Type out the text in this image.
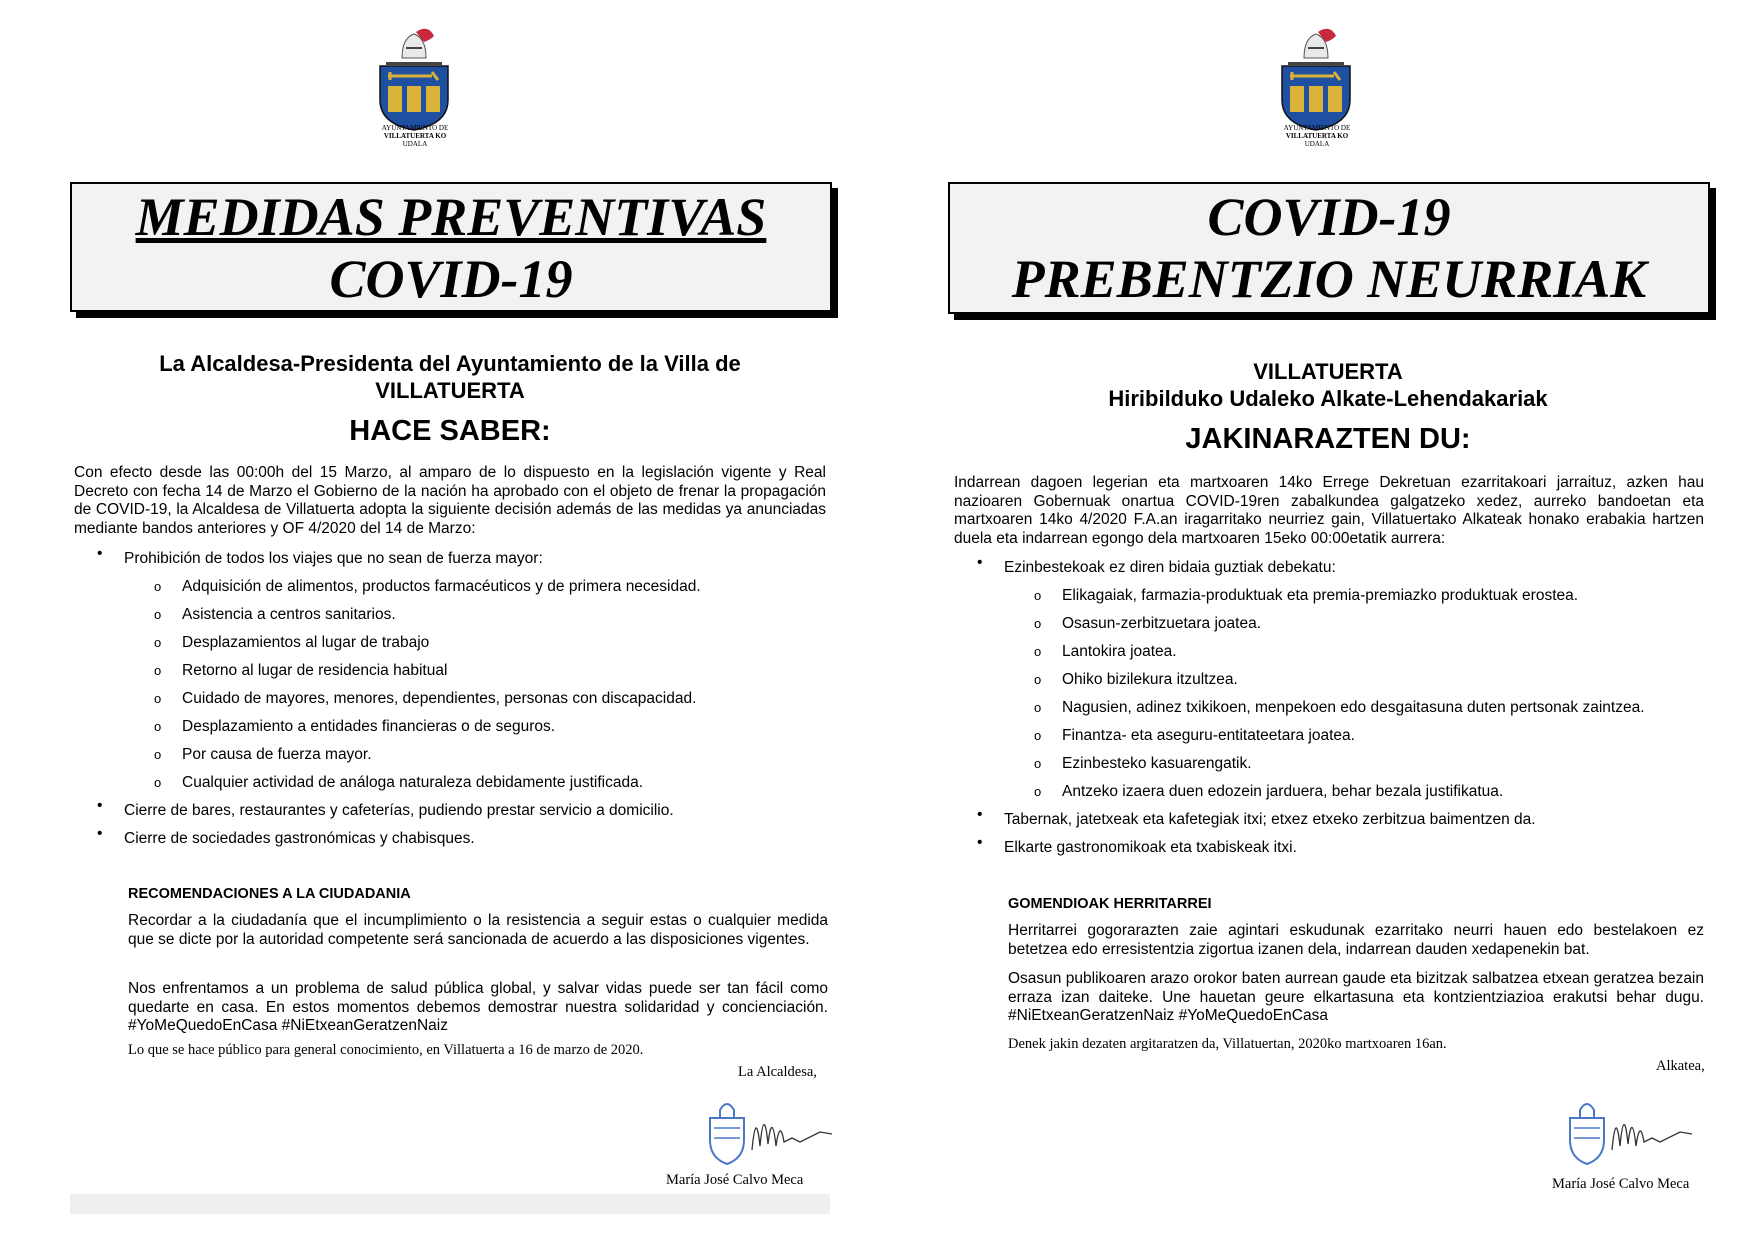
AYUNTAMIENTO DE
VILLATUERTA KO
UDALA
MEDIDAS PREVENTIVAS
COVID-19
La Alcaldesa-Presidenta del Ayuntamiento de la Villa de
VILLATUERTA
HACE SABER:
Con efecto desde las 00:00h del 15 Marzo, al amparo de lo dispuesto en la legislación vigente y Real Decreto con fecha 14 de Marzo el Gobierno de la nación ha aprobado con el objeto de frenar la propagación de COVID-19, la Alcaldesa de Villatuerta adopta la siguiente decisión además de las medidas ya anunciadas mediante bandos anteriores y OF 4/2020 del 14 de Marzo:
• Prohibición de todos los viajes que no sean de fuerza mayor:
o Adquisición de alimentos, productos farmacéuticos y de primera necesidad.
o Asistencia a centros sanitarios.
o Desplazamientos al lugar de trabajo
o Retorno al lugar de residencia habitual
o Cuidado de mayores, menores, dependientes, personas con discapacidad.
o Desplazamiento a entidades financieras o de seguros.
o Por causa de fuerza mayor.
o Cualquier actividad de análoga naturaleza debidamente justificada.
• Cierre de bares, restaurantes y cafeterías, pudiendo prestar servicio a domicilio.
• Cierre de sociedades gastronómicas y chabisques.
RECOMENDACIONES A LA CIUDADANIA
Recordar a la ciudadanía que el incumplimiento o la resistencia a seguir estas o cualquier medida que se dicte por la autoridad competente será sancionada de acuerdo a las disposiciones vigentes.
Nos enfrentamos a un problema de salud pública global, y salvar vidas puede ser tan fácil como quedarte en casa. En estos momentos debemos demostrar nuestra solidaridad y concienciación. #YoMeQuedoEnCasa #NiEtxeanGeratzenNaiz
Lo que se hace público para general conocimiento, en Villatuerta a 16 de marzo de 2020.
La Alcaldesa,
María José Calvo Meca
AYUNTAMIENTO DE
VILLATUERTA KO
UDALA
COVID-19
PREBENTZIO NEURRIAK
VILLATUERTA
Hiribilduko Udaleko Alkate-Lehendakariak
JAKINARAZTEN DU:
Indarrean dagoen legerian eta martxoaren 14ko Errege Dekretuan ezarritakoari jarraituz, azken hau nazioaren Gobernuak onartua COVID-19ren zabalkundea galgatzeko xedez, aurreko bandoetan eta martxoaren 14ko 4/2020 F.A.an iragarritako neurriez gain, Villatuertako Alkateak honako erabakia hartzen duela eta indarrean egongo dela martxoaren 15eko 00:00etatik aurrera:
• Ezinbestekoak ez diren bidaia guztiak debekatu:
o Elikagaiak, farmazia-produktuak eta premia-premiazko produktuak erostea.
o Osasun-zerbitzuetara joatea.
o Lantokira joatea.
o Ohiko bizilekura itzultzea.
o Nagusien, adinez txikikoen, menpekoen edo desgaitasuna duten pertsonak zaintzea.
o Finantza- eta aseguru-entitateetara joatea.
o Ezinbesteko kasuarengatik.
o Antzeko izaera duen edozein jarduera, behar bezala justifikatua.
• Tabernak, jatetxeak eta kafetegiak itxi; etxez etxeko zerbitzua baimentzen da.
• Elkarte gastronomikoak eta txabiskeak itxi.
GOMENDIOAK HERRITARREI
Herritarrei gogorarazten zaie agintari eskudunak ezarritako neurri hauen edo bestelakoen ez betetzea edo erresistentzia zigortua izanen dela, indarrean dauden xedapenekin bat.
Osasun publikoaren arazo orokor baten aurrean gaude eta bizitzak salbatzea etxean geratzea bezain erraza izan daiteke. Une hauetan geure elkartasuna eta kontzientziazioa erakutsi behar dugu. #NiEtxeanGeratzenNaiz #YoMeQuedoEnCasa
Denek jakin dezaten argitaratzen da, Villatuertan, 2020ko martxoaren 16an.
Alkatea,
María José Calvo Meca
